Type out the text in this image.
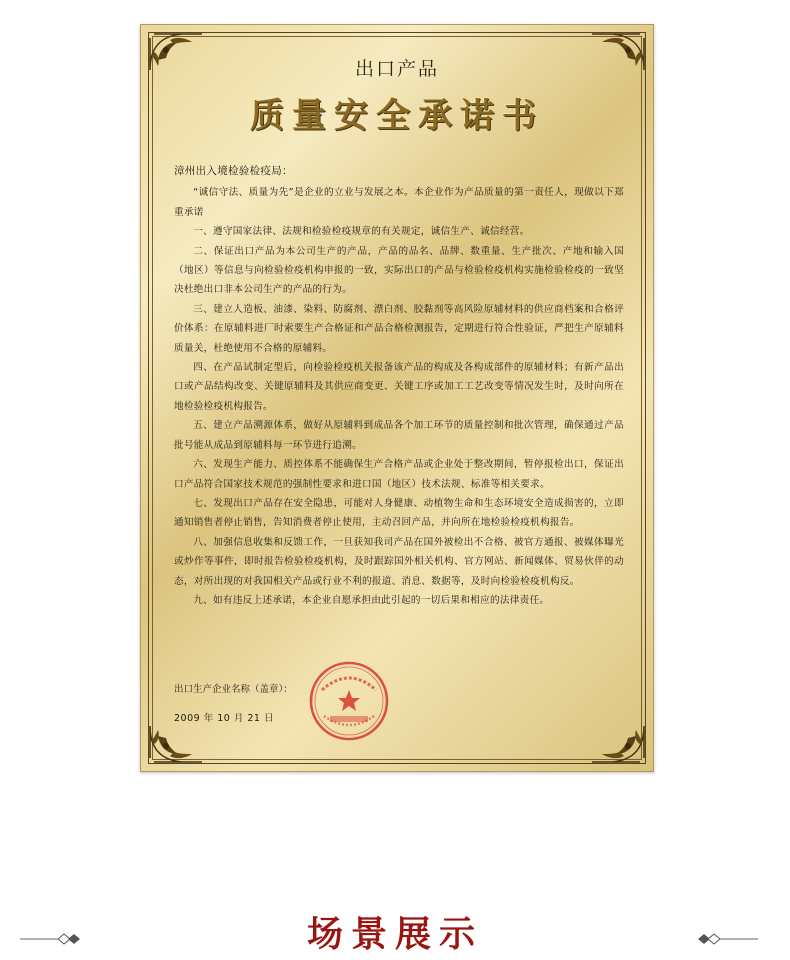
出口产品
质量安全承诺书

漳州出入境检验检疫局：

“诚信守法、质量为先”是企业的立业与发展之本。本企业作为产品质量的第一责任人，现做以下郑重承诺

一、遵守国家法律、法规和检验检疫规章的有关规定，诚信生产、诚信经营。

二、保证出口产品为本公司生产的产品，产品的品名、品牌、数重量、生产批次、产地和输入国（地区）等信息与向检验检疫机构申报的一致，实际出口的产品与检验检疫机构实施检验检疫的一致坚决杜绝出口非本公司生产的产品的行为。

三、建立人造板、油漆、染料、防腐剂、漂白剂、胶黏剂等高风险原辅材料的供应商档案和合格评价体系：在原辅料进厂时索要生产合格证和产品合格检测报告，定期进行符合性验证，严把生产原辅料质量关，杜绝使用不合格的原辅料。

四、在产品试制定型后，向检验检疫机关报备该产品的构成及各构成部件的原辅材料；有新产品出口或产品结构改变、关键原辅料及其供应商变更、关键工序或加工工艺改变等情况发生时，及时向所在地检验检疫机构报告。

五、建立产品溯源体系，做好从原辅料到成品各个加工环节的质量控制和批次管理，确保通过产品批号能从成品到原辅料每一环节进行追溯。

六、发现生产能力、质控体系不能确保生产合格产品或企业处于整改期间，暂停报检出口，保证出口产品符合国家技术规范的强制性要求和进口国（地区）技术法规、标准等相关要求。

七、发现出口产品存在安全隐患，可能对人身健康、动植物生命和生态环境安全造成损害的，立即通知销售者停止销售，告知消费者停止使用，主动召回产品，并向所在地检验检疫机构报告。

八、加强信息收集和反馈工作，一旦获知我司产品在国外被检出不合格、被官方通报、被媒体曝光或炒作等事件，即时报告检验检疫机构，及时跟踪国外相关机构、官方网站、新闻媒体、贸易伙伴的动态，对所出现的对我国相关产品或行业不利的报道、消息、数据等，及时向检验检疫机构反。

九、如有违反上述承诺，本企业自愿承担由此引起的一切后果和相应的法律责任。

出口生产企业名称（盖章）：
2009 年 10 月 21 日
场景展示
